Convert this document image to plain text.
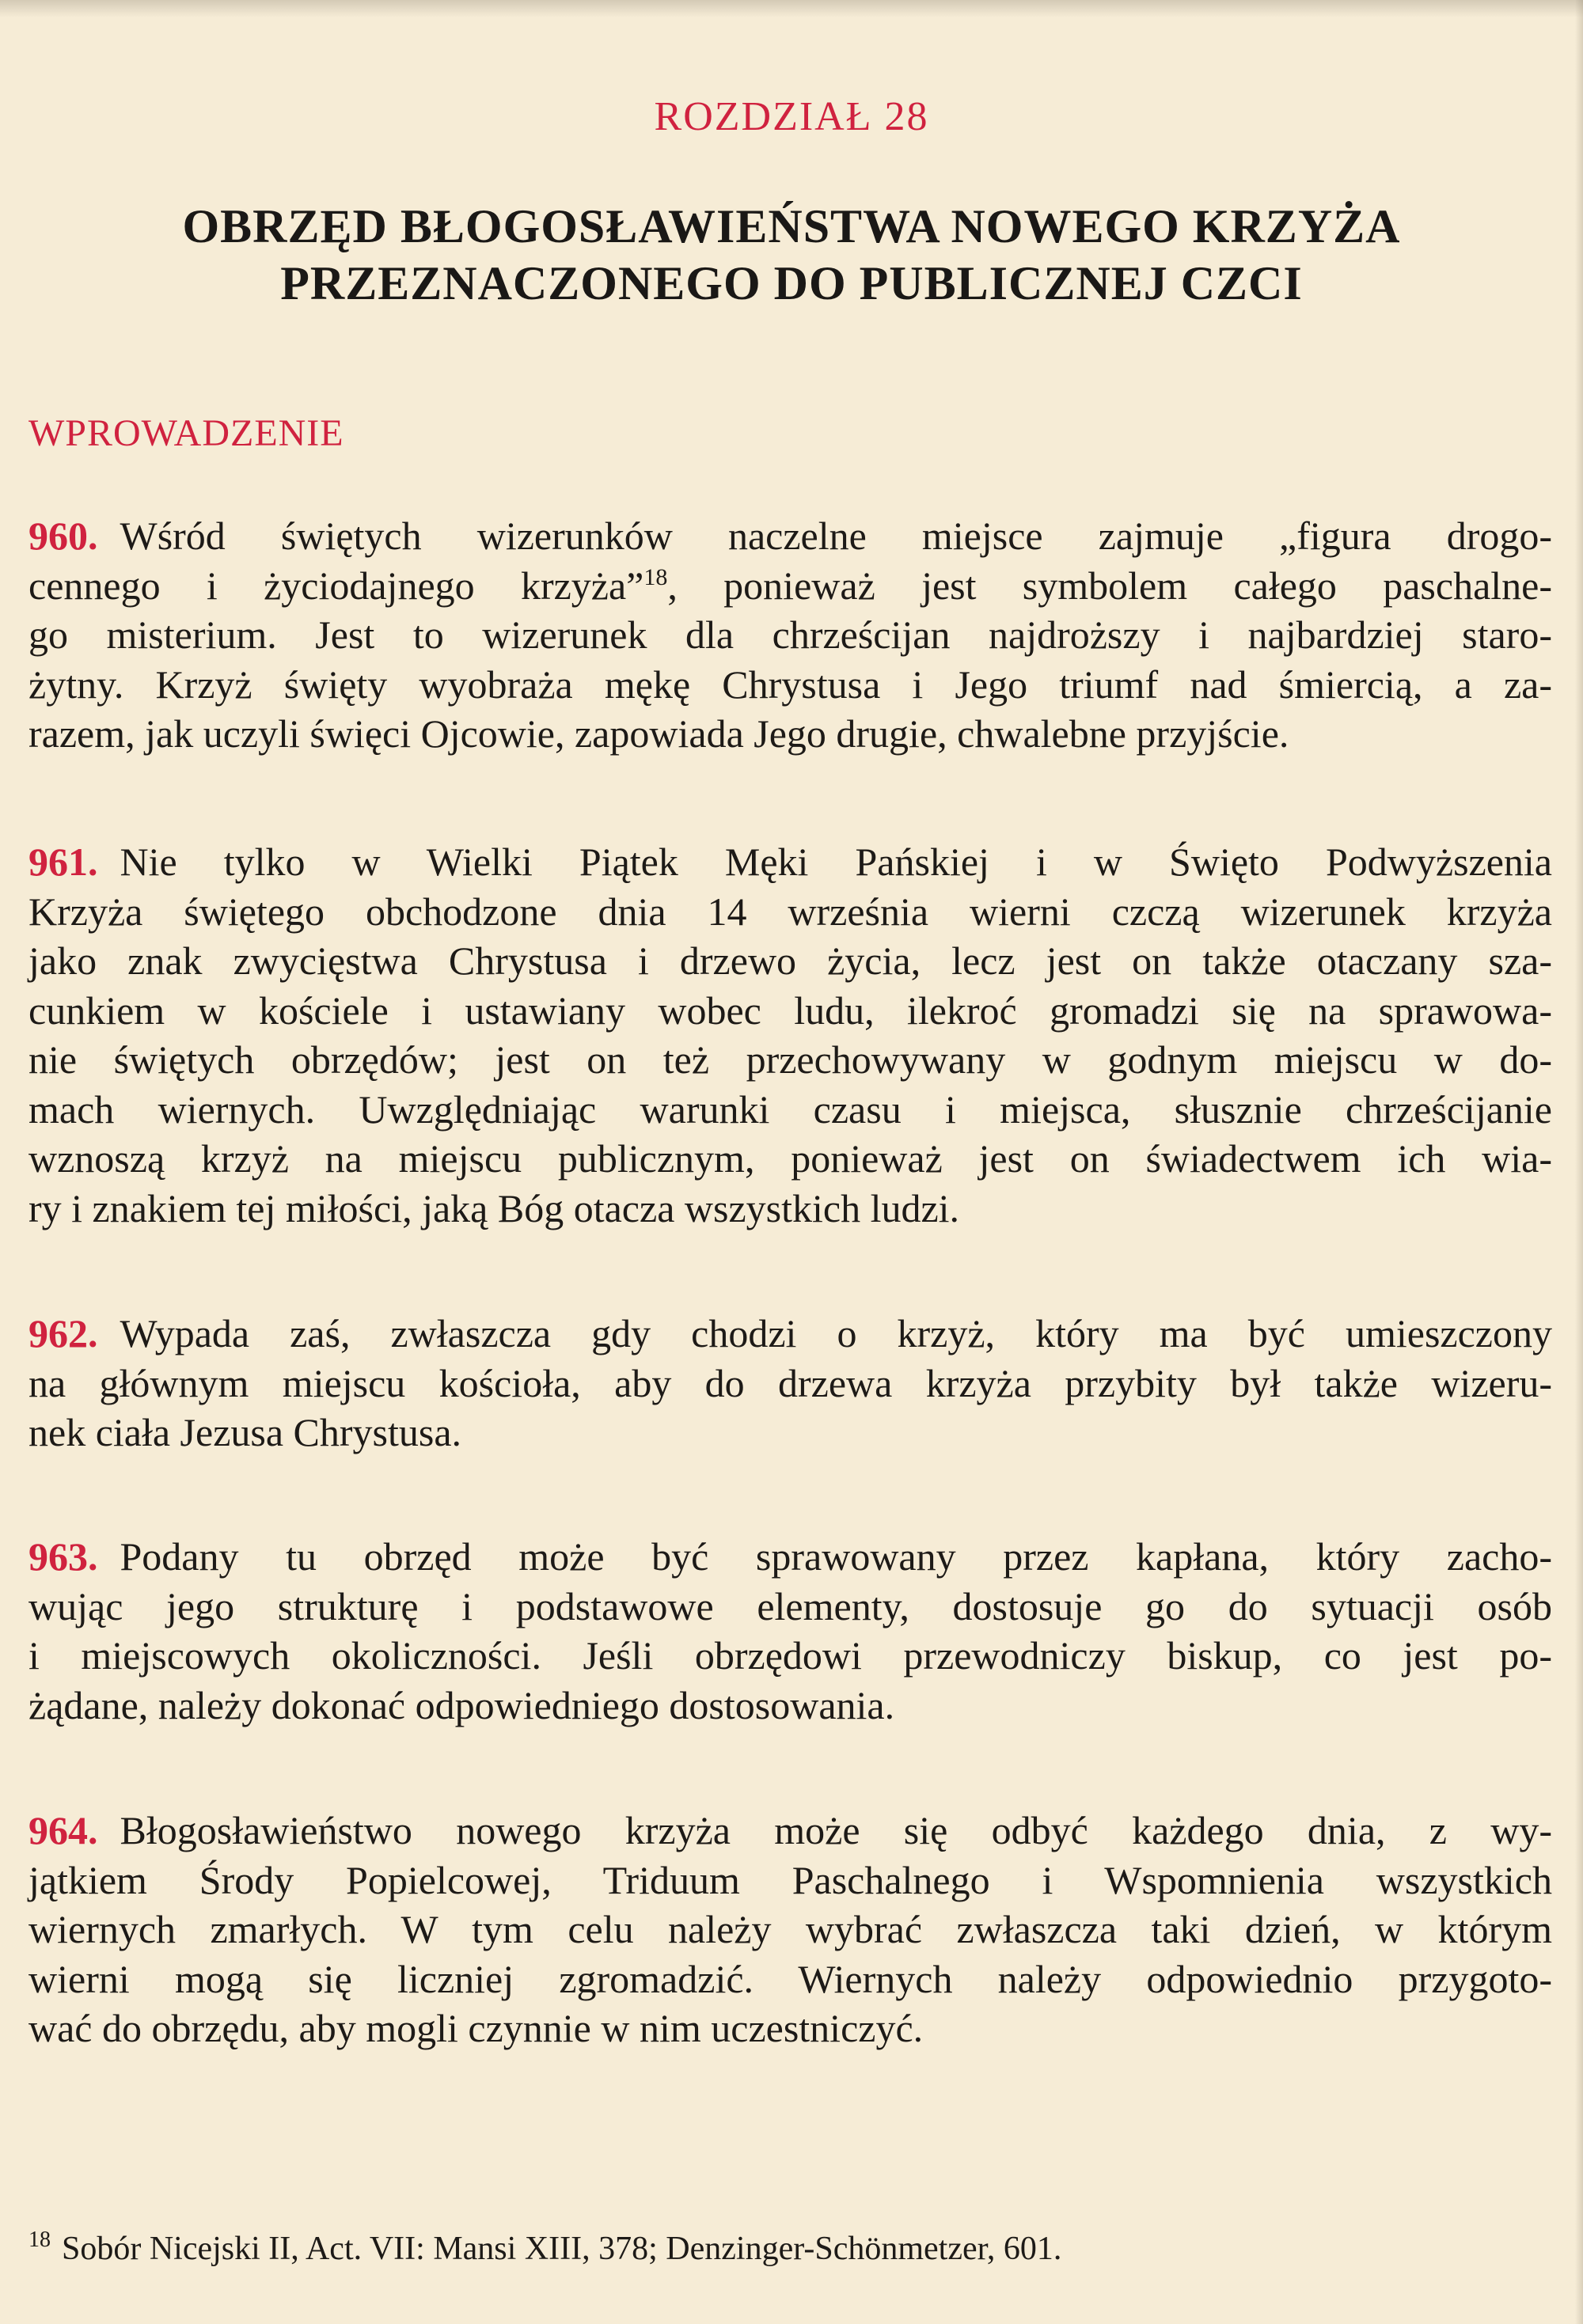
ROZDZIAŁ 28
OBRZĘD BŁOGOSŁAWIEŃSTWA NOWEGO KRZYŻA
PRZEZNACZONEGO DO PUBLICZNEJ CZCI
WPROWADZENIE
960. Wśród świętych wizerunków naczelne miejsce zajmuje „figura drogo-
cennego i życiodajnego krzyża”$^{18}$, ponieważ jest symbolem całego paschalne-
go misterium. Jest to wizerunek dla chrześcijan najdroższy i najbardziej staro-
żytny. Krzyż święty wyobraża mękę Chrystusa i Jego triumf nad śmiercią, a za-
razem, jak uczyli święci Ojcowie, zapowiada Jego drugie, chwalebne przyjście.
961. Nie tylko w Wielki Piątek Męki Pańskiej i w Święto Podwyższenia
Krzyża świętego obchodzone dnia 14 września wierni czczą wizerunek krzyża
jako znak zwycięstwa Chrystusa i drzewo życia, lecz jest on także otaczany sza-
cunkiem w kościele i ustawiany wobec ludu, ilekroć gromadzi się na sprawowa-
nie świętych obrzędów; jest on też przechowywany w godnym miejscu w do-
mach wiernych. Uwzględniając warunki czasu i miejsca, słusznie chrześcijanie
wznoszą krzyż na miejscu publicznym, ponieważ jest on świadectwem ich wia-
ry i znakiem tej miłości, jaką Bóg otacza wszystkich ludzi.
962. Wypada zaś, zwłaszcza gdy chodzi o krzyż, który ma być umieszczony
na głównym miejscu kościoła, aby do drzewa krzyża przybity był także wizeru-
nek ciała Jezusa Chrystusa.
963. Podany tu obrzęd może być sprawowany przez kapłana, który zacho-
wując jego strukturę i podstawowe elementy, dostosuje go do sytuacji osób
i miejscowych okoliczności. Jeśli obrzędowi przewodniczy biskup, co jest po-
żądane, należy dokonać odpowiedniego dostosowania.
964. Błogosławieństwo nowego krzyża może się odbyć każdego dnia, z wy-
jątkiem Środy Popielcowej, Triduum Paschalnego i Wspomnienia wszystkich
wiernych zmarłych. W tym celu należy wybrać zwłaszcza taki dzień, w którym
wierni mogą się liczniej zgromadzić. Wiernych należy odpowiednio przygoto-
wać do obrzędu, aby mogli czynnie w nim uczestniczyć.
$^{18}$ Sobór Nicejski II, Act. VII: Mansi XIII, 378; Denzinger-Schönmetzer, 601.
